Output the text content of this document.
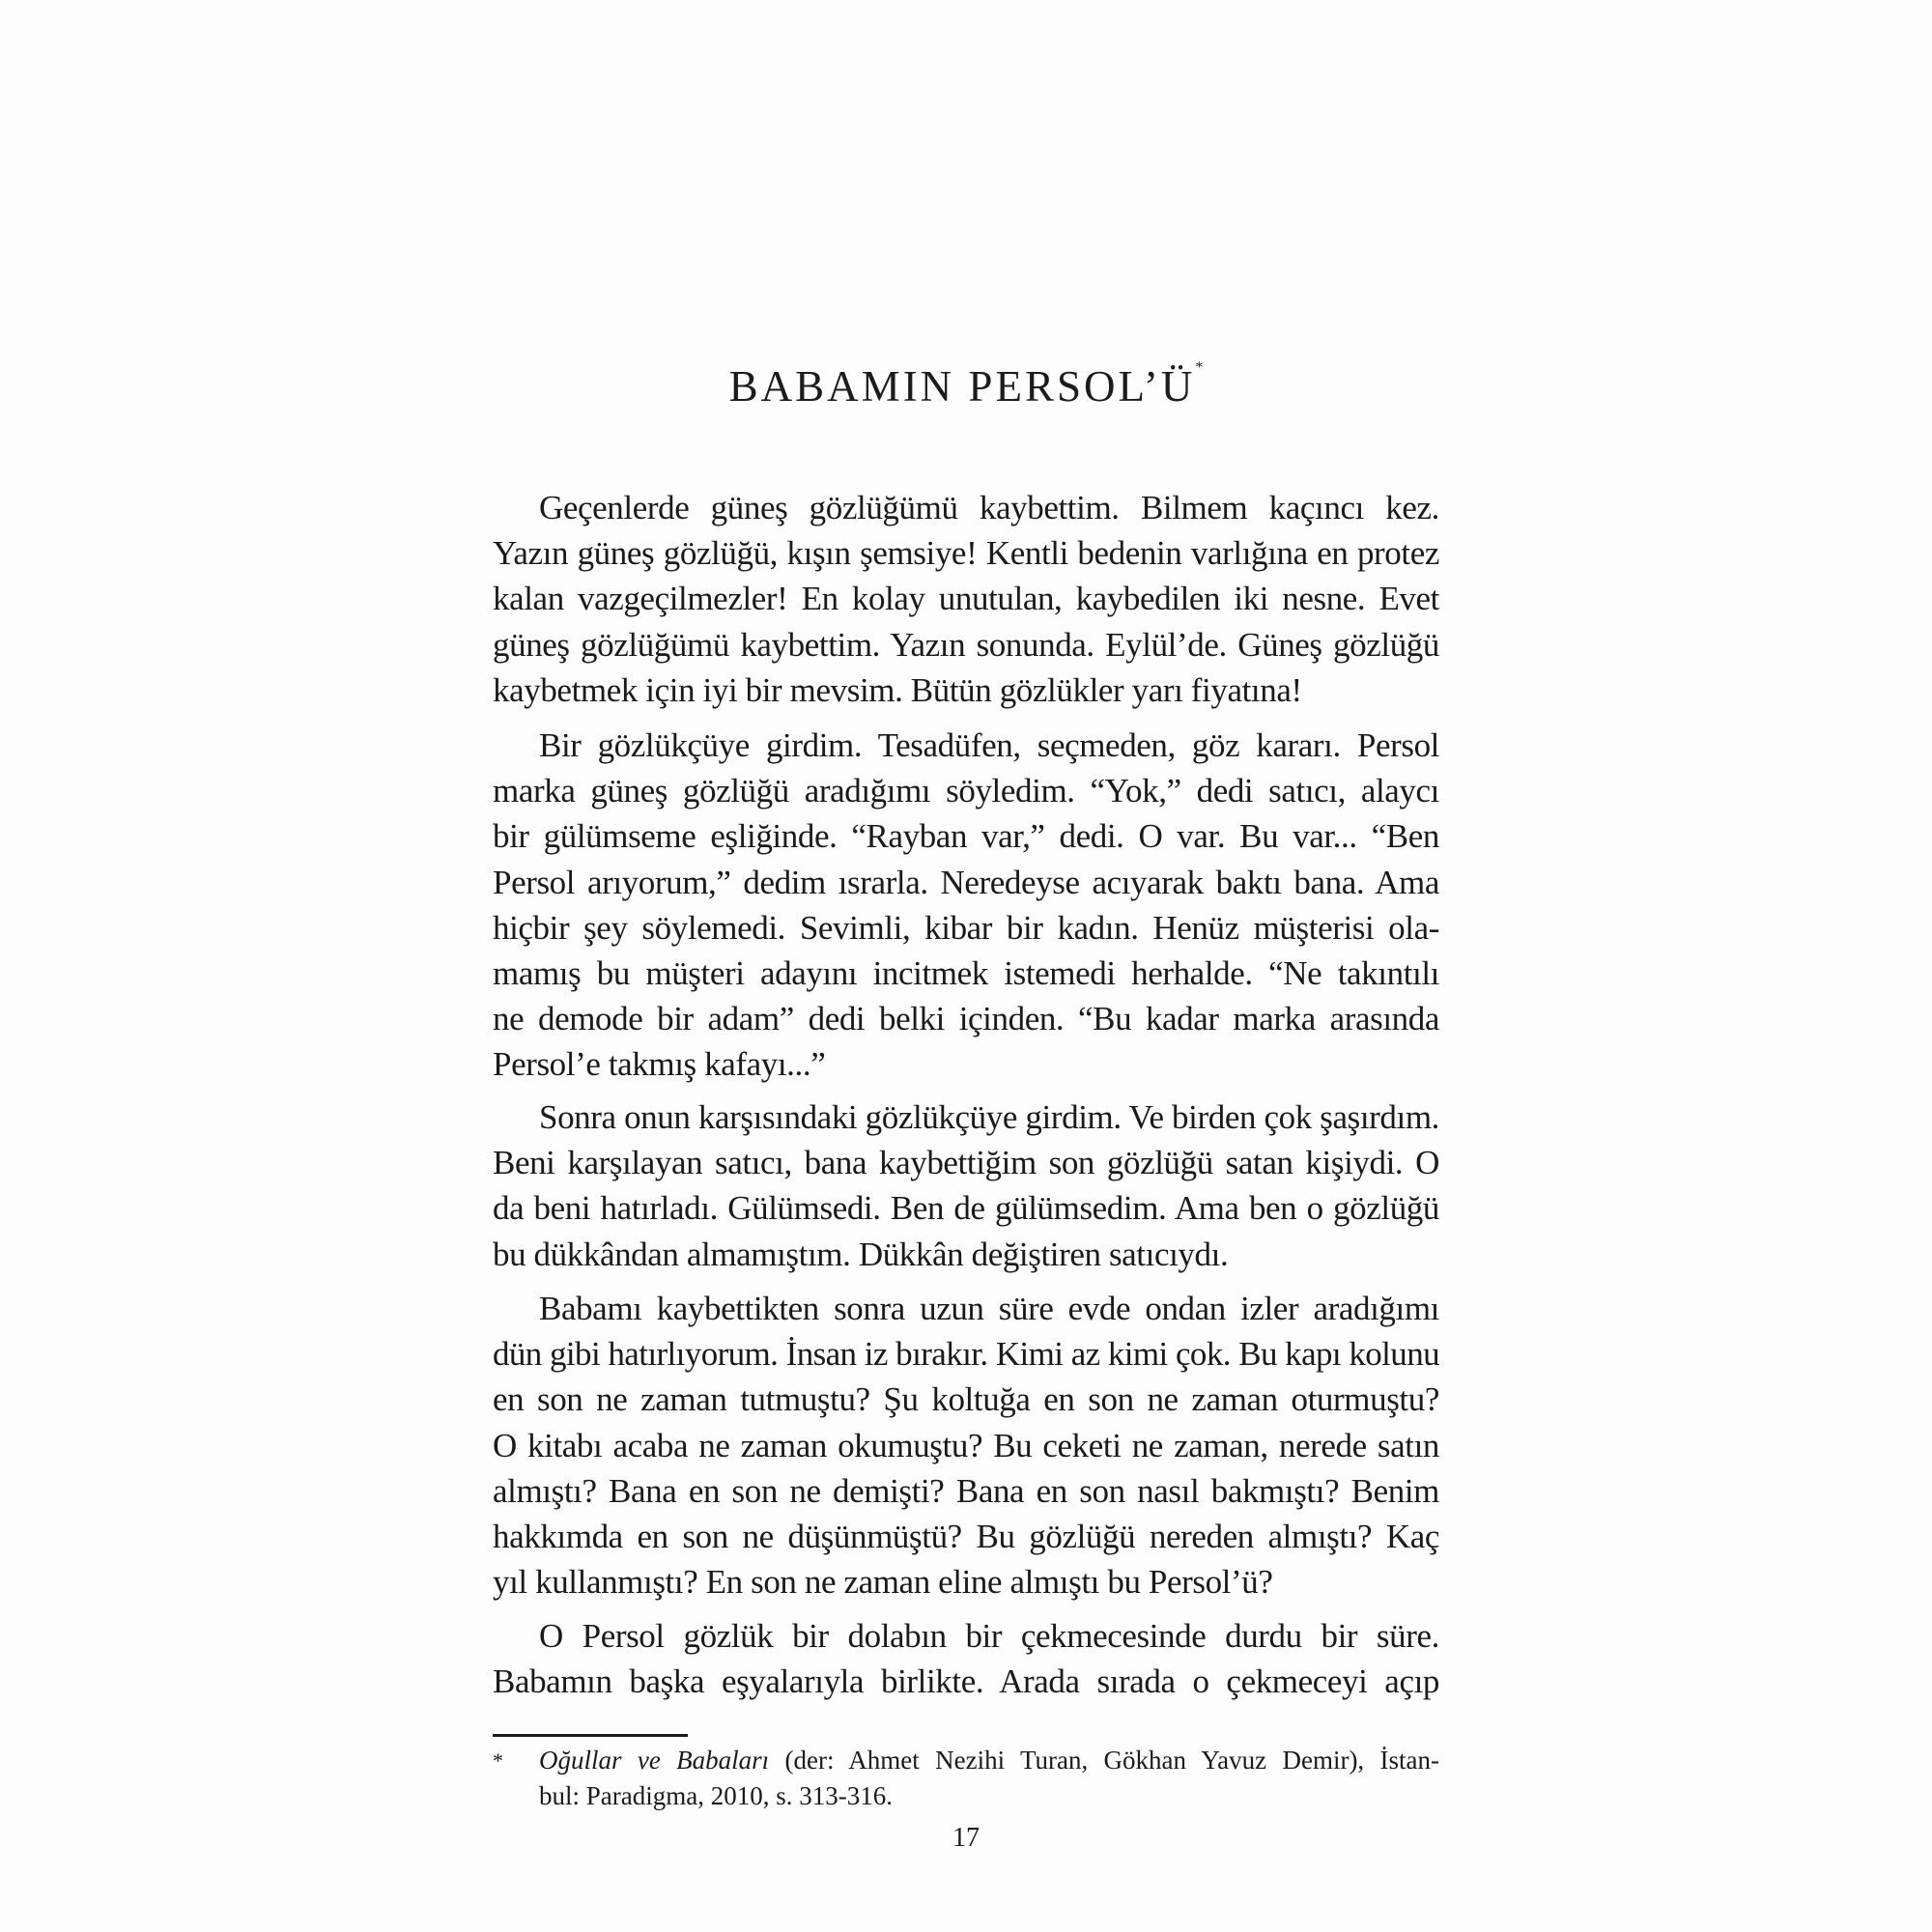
BABAMIN PERSOL’Ü*
Geçenlerde güneş gözlüğümü kaybettim. Bilmem kaçıncı kez.
Yazın güneş gözlüğü, kışın şemsiye! Kentli bedenin varlığına en protez
kalan vazgeçilmezler! En kolay unutulan, kaybedilen iki nesne. Evet
güneş gözlüğümü kaybettim. Yazın sonunda. Eylül’de. Güneş gözlüğü
kaybetmek için iyi bir mevsim. Bütün gözlükler yarı fiyatına!
Bir gözlükçüye girdim. Tesadüfen, seçmeden, göz kararı. Persol
marka güneş gözlüğü aradığımı söyledim. “Yok,” dedi satıcı, alaycı
bir gülümseme eşliğinde. “Rayban var,” dedi. O var. Bu var... “Ben
Persol arıyorum,” dedim ısrarla. Neredeyse acıyarak baktı bana. Ama
hiçbir şey söylemedi. Sevimli, kibar bir kadın. Henüz müşterisi ola-
mamış bu müşteri adayını incitmek istemedi herhalde. “Ne takıntılı
ne demode bir adam” dedi belki içinden. “Bu kadar marka arasında
Persol’e takmış kafayı...”
Sonra onun karşısındaki gözlükçüye girdim. Ve birden çok şaşırdım.
Beni karşılayan satıcı, bana kaybettiğim son gözlüğü satan kişiydi. O
da beni hatırladı. Gülümsedi. Ben de gülümsedim. Ama ben o gözlüğü
bu dükkândan almamıştım. Dükkân değiştiren satıcıydı.
Babamı kaybettikten sonra uzun süre evde ondan izler aradığımı
dün gibi hatırlıyorum. İnsan iz bırakır. Kimi az kimi çok. Bu kapı kolunu
en son ne zaman tutmuştu? Şu koltuğa en son ne zaman oturmuştu?
O kitabı acaba ne zaman okumuştu? Bu ceketi ne zaman, nerede satın
almıştı? Bana en son ne demişti? Bana en son nasıl bakmıştı? Benim
hakkımda en son ne düşünmüştü? Bu gözlüğü nereden almıştı? Kaç
yıl kullanmıştı? En son ne zaman eline almıştı bu Persol’ü?
O Persol gözlük bir dolabın bir çekmecesinde durdu bir süre.
Babamın başka eşyalarıyla birlikte. Arada sırada o çekmeceyi açıp
*	Oğullar ve Babaları (der: Ahmet Nezihi Turan, Gökhan Yavuz Demir), İstan-
bul: Paradigma, 2010, s. 313-316.
17
